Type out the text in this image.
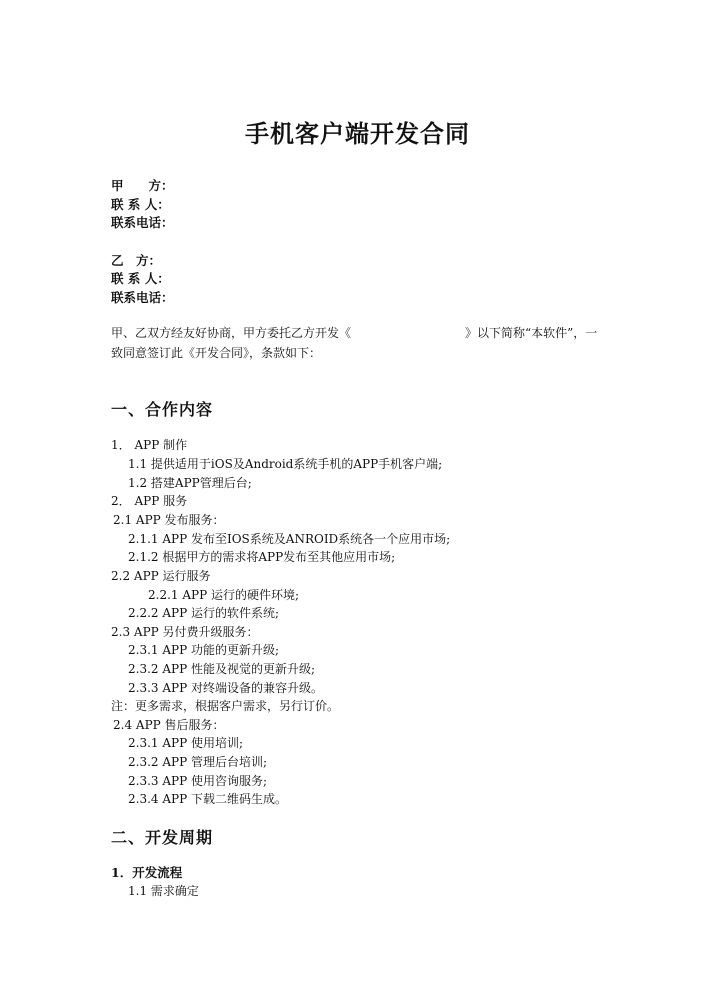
手机客户端开发合同
甲　　方：
联 系 人：
联系电话：
乙　方：
联 系 人：
联系电话：
甲、乙双方经友好协商，甲方委托乙方开发《	》以下简称“本软件”，一
致同意签订此《开发合同》，条款如下：
一、合作内容
1． APP 制作
1.1 提供适用于iOS及Android系统手机的APP手机客户端;
1.2 搭建APP管理后台;
2． APP 服务
2.1 APP 发布服务：
2.1.1 APP 发布至IOS系统及ANROID系统各一个应用市场;
2.1.2 根据甲方的需求将APP发布至其他应用市场;
2.2 APP 运行服务
2.2.1 APP 运行的硬件环境;
2.2.2 APP 运行的软件系统;
2.3 APP 另付费升级服务：
2.3.1 APP 功能的更新升级;
2.3.2 APP 性能及视觉的更新升级;
2.3.3 APP 对终端设备的兼容升级。
注：更多需求，根据客户需求，另行订价。
2.4 APP 售后服务：
2.3.1 APP 使用培训;
2.3.2 APP 管理后台培训;
2.3.3 APP 使用咨询服务;
2.3.4 APP 下载二维码生成。
二、开发周期
1．开发流程
1.1 需求确定
